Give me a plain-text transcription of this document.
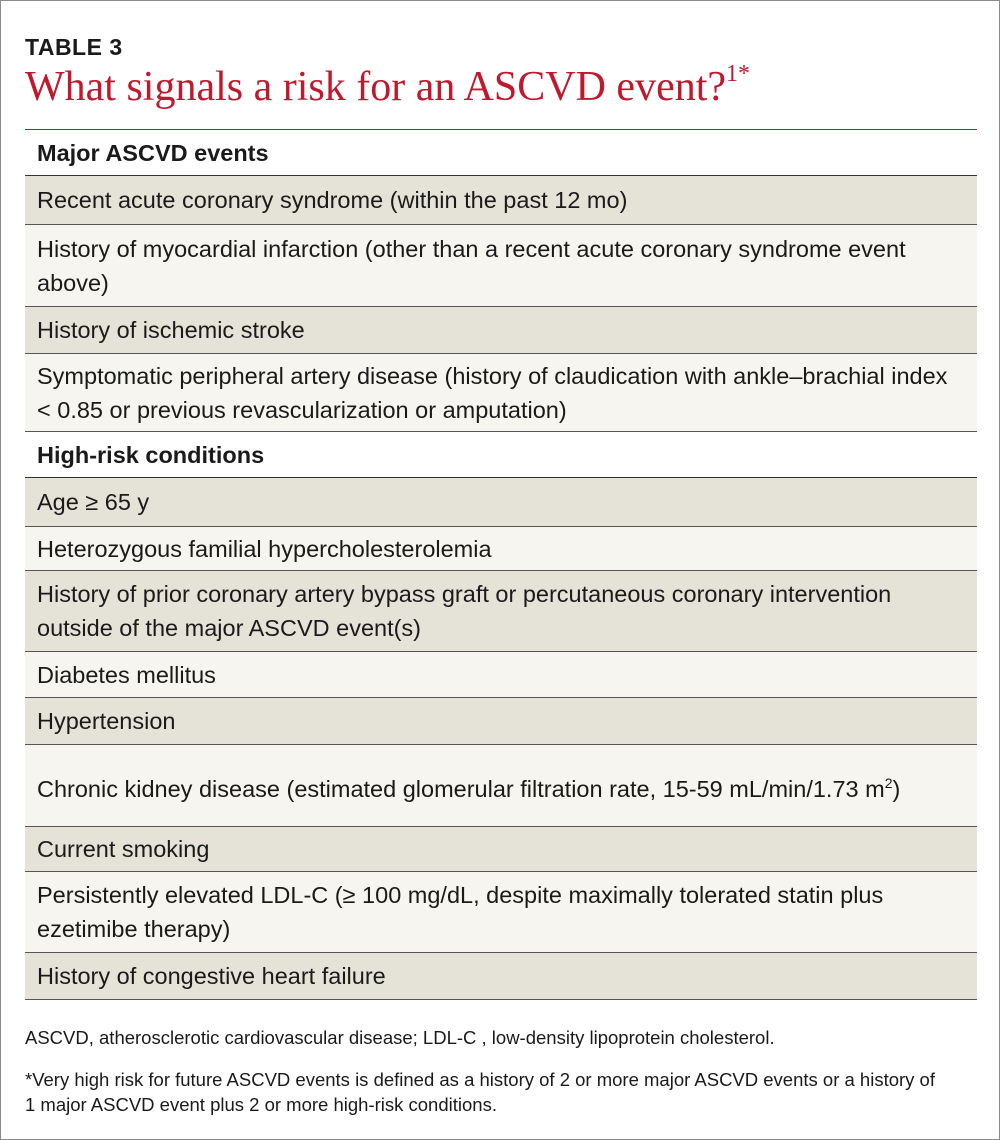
TABLE 3
What signals a risk for an ASCVD event?$^{1*}$
Major ASCVD events
Recent acute coronary syndrome (within the past 12 mo)
History of myocardial infarction (other than a recent acute coronary syndrome event above)
History of ischemic stroke
Symptomatic peripheral artery disease (history of claudication with ankle–brachial index < 0.85 or previous revascularization or amputation)
High-risk conditions
Age ≥ 65 y
Heterozygous familial hypercholesterolemia
History of prior coronary artery bypass graft or percutaneous coronary intervention outside of the major ASCVD event(s)
Diabetes mellitus
Hypertension
Chronic kidney disease (estimated glomerular filtration rate, 15-59 mL/min/1.73 $m^2$)
Current smoking
Persistently elevated LDL-C (≥ 100 mg/dL, despite maximally tolerated statin plus ezetimibe therapy)
History of congestive heart failure
ASCVD, atherosclerotic cardiovascular disease; LDL-C , low-density lipoprotein cholesterol.
*Very high risk for future ASCVD events is defined as a history of 2 or more major ASCVD events or a history of 1 major ASCVD event plus 2 or more high-risk conditions.
